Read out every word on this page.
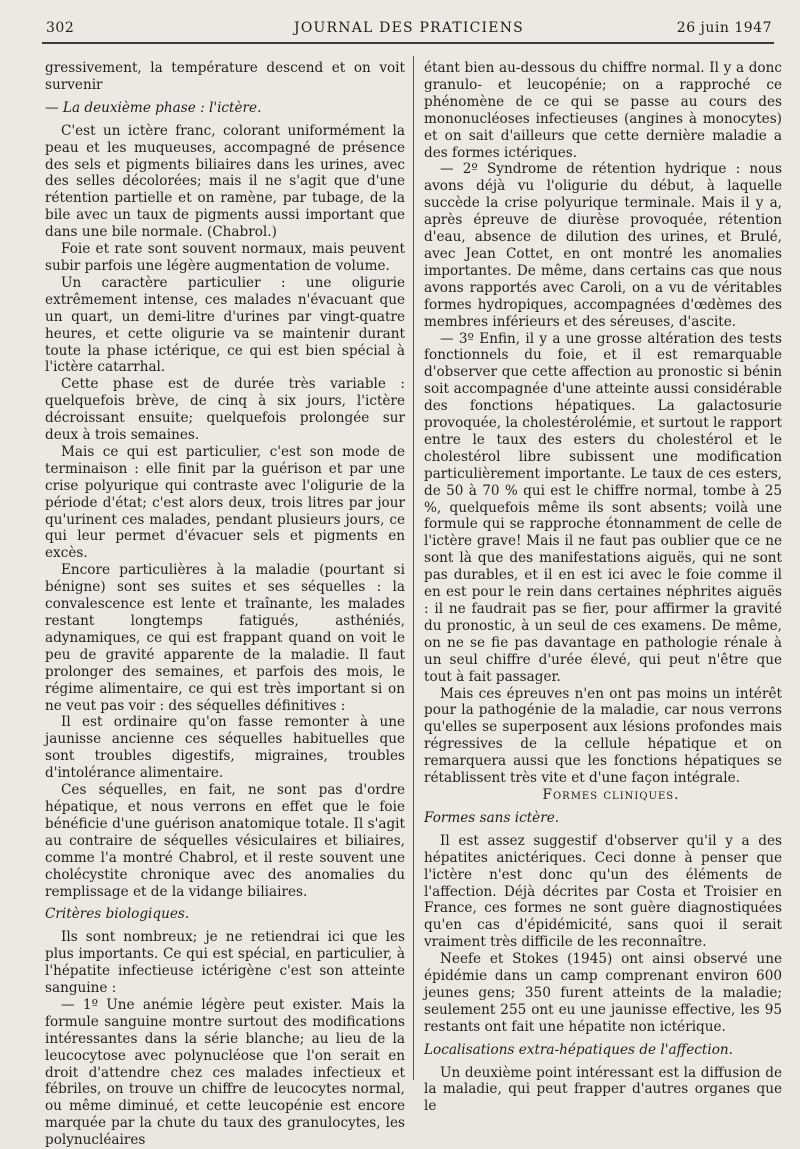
302	JOURNAL DES PRATICIENS	26 juin 1947

gressivement, la température descend et on voit survenir

— La deuxième phase : l'ictère.

C'est un ictère franc, colorant uniformément la peau et les muqueuses, accompagné de présence des sels et pigments biliaires dans les urines, avec des selles décolorées; mais il ne s'agit que d'une rétention partielle et on ramène, par tubage, de la bile avec un taux de pigments aussi important que dans une bile normale. (Chabrol.)

Foie et rate sont souvent normaux, mais peuvent subir parfois une légère augmentation de volume.

Un caractère particulier : une oligurie extrêmement intense, ces malades n'évacuant que un quart, un demi-litre d'urines par vingt-quatre heures, et cette oligurie va se maintenir durant toute la phase ictérique, ce qui est bien spécial à l'ictère catarrhal.

Cette phase est de durée très variable : quelquefois brève, de cinq à six jours, l'ictère décroissant ensuite; quelquefois prolongée sur deux à trois semaines.

Mais ce qui est particulier, c'est son mode de terminaison : elle finit par la guérison et par une crise polyurique qui contraste avec l'oligurie de la période d'état; c'est alors deux, trois litres par jour qu'urinent ces malades, pendant plusieurs jours, ce qui leur permet d'évacuer sels et pigments en excès.

Encore particulières à la maladie (pourtant si bénigne) sont ses suites et ses séquelles : la convalescence est lente et traînante, les malades restant longtemps fatigués, asthéniés, adynamiques, ce qui est frappant quand on voit le peu de gravité apparente de la maladie. Il faut prolonger des semaines, et parfois des mois, le régime alimentaire, ce qui est très important si on ne veut pas voir : des séquelles définitives :

Il est ordinaire qu'on fasse remonter à une jaunisse ancienne ces séquelles habituelles que sont troubles digestifs, migraines, troubles d'intolérance alimentaire.

Ces séquelles, en fait, ne sont pas d'ordre hépatique, et nous verrons en effet que le foie bénéficie d'une guérison anatomique totale. Il s'agit au contraire de séquelles vésiculaires et biliaires, comme l'a montré Chabrol, et il reste souvent une cholécystite chronique avec des anomalies du remplissage et de la vidange biliaires.

Critères biologiques.

Ils sont nombreux; je ne retiendrai ici que les plus importants. Ce qui est spécial, en particulier, à l'hépatite infectieuse ictérigène c'est son atteinte sanguine :

— 1º Une anémie légère peut exister. Mais la formule sanguine montre surtout des modifications intéressantes dans la série blanche; au lieu de la leucocytose avec polynucléose que l'on serait en droit d'attendre chez ces malades infectieux et fébriles, on trouve un chiffre de leucocytes normal, ou même diminué, et cette leucopénie est encore marquée par la chute du taux des granulocytes, les polynucléaires

étant bien au-dessous du chiffre normal. Il y a donc granulo- et leucopénie; on a rapproché ce phénomène de ce qui se passe au cours des mononucléoses infectieuses (angines à monocytes) et on sait d'ailleurs que cette dernière maladie a des formes ictériques.

— 2º Syndrome de rétention hydrique : nous avons déjà vu l'oligurie du début, à laquelle succède la crise polyurique terminale. Mais il y a, après épreuve de diurèse provoquée, rétention d'eau, absence de dilution des urines, et Brulé, avec Jean Cottet, en ont montré les anomalies importantes. De même, dans certains cas que nous avons rapportés avec Caroli, on a vu de véritables formes hydropiques, accompagnées d'œdèmes des membres inférieurs et des séreuses, d'ascite.

— 3º Enfin, il y a une grosse altération des tests fonctionnels du foie, et il est remarquable d'observer que cette affection au pronostic si bénin soit accompagnée d'une atteinte aussi considérable des fonctions hépatiques. La galactosurie provoquée, la cholestérolémie, et surtout le rapport entre le taux des esters du cholestérol et le cholestérol libre subissent une modification particulièrement importante. Le taux de ces esters, de 50 à 70 % qui est le chiffre normal, tombe à 25 %, quelquefois même ils sont absents; voilà une formule qui se rapproche étonnamment de celle de l'ictère grave! Mais il ne faut pas oublier que ce ne sont là que des manifestations aiguës, qui ne sont pas durables, et il en est ici avec le foie comme il en est pour le rein dans certaines néphrites aiguës : il ne faudrait pas se fier, pour affirmer la gravité du pronostic, à un seul de ces examens. De même, on ne se fie pas davantage en pathologie rénale à un seul chiffre d'urée élevé, qui peut n'être que tout à fait passager.

Mais ces épreuves n'en ont pas moins un intérêt pour la pathogénie de la maladie, car nous verrons qu'elles se superposent aux lésions profondes mais régressives de la cellule hépatique et on remarquera aussi que les fonctions hépatiques se rétablissent très vite et d'une façon intégrale.

Formes cliniques.

Formes sans ictère.

Il est assez suggestif d'observer qu'il y a des hépatites anictériques. Ceci donne à penser que l'ictère n'est donc qu'un des éléments de l'affection. Déjà décrites par Costa et Troisier en France, ces formes ne sont guère diagnostiquées qu'en cas d'épidémicité, sans quoi il serait vraiment très difficile de les reconnaître.

Neefe et Stokes (1945) ont ainsi observé une épidémie dans un camp comprenant environ 600 jeunes gens; 350 furent atteints de la maladie; seulement 255 ont eu une jaunisse effective, les 95 restants ont fait une hépatite non ictérique.

Localisations extra-hépatiques de l'affection.

Un deuxième point intéressant est la diffusion de la maladie, qui peut frapper d'autres organes que le
